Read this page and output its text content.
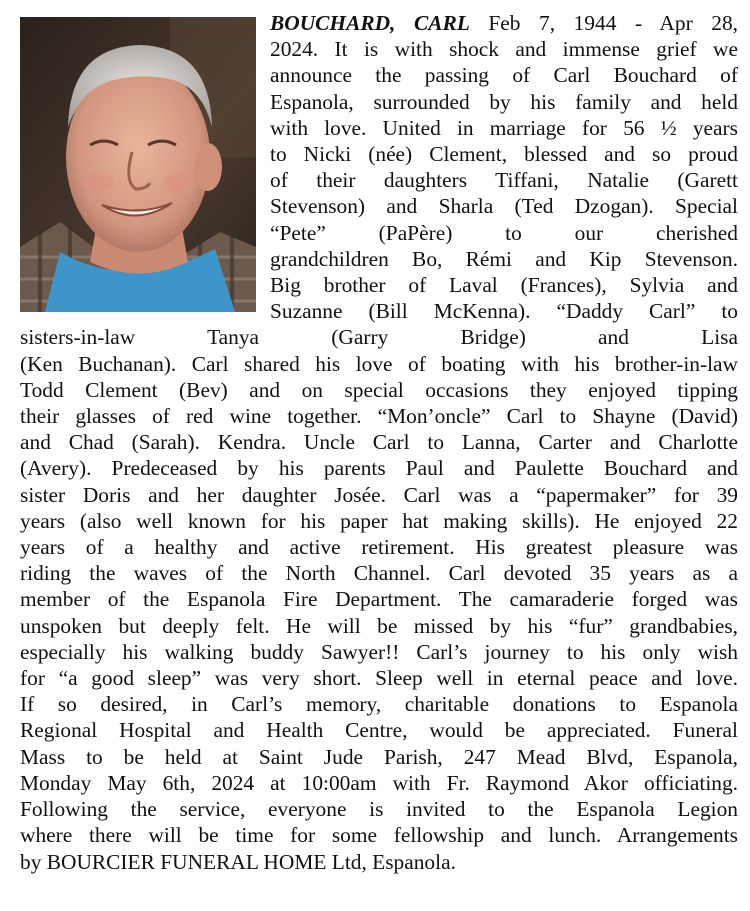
BOUCHARD, CARL Feb 7, 1944 - Apr 28,
2024. It is with shock and immense grief we
announce the passing of Carl Bouchard of
Espanola, surrounded by his family and held
with love. United in marriage for 56 ½ years
to Nicki (née) Clement, blessed and so proud
of their daughters Tiffani, Natalie (Garett
Stevenson) and Sharla (Ted Dzogan). Special
“Pete” (PaPère) to our cherished
grandchildren Bo, Rémi and Kip Stevenson.
Big brother of Laval (Frances), Sylvia and
Suzanne (Bill McKenna). “Daddy Carl” to
sisters-in-law Tanya (Garry Bridge) and Lisa
(Ken Buchanan). Carl shared his love of boating with his brother-in-law
Todd Clement (Bev) and on special occasions they enjoyed tipping
their glasses of red wine together. “Mon’oncle” Carl to Shayne (David)
and Chad (Sarah). Kendra. Uncle Carl to Lanna, Carter and Charlotte
(Avery). Predeceased by his parents Paul and Paulette Bouchard and
sister Doris and her daughter Josée. Carl was a “papermaker” for 39
years (also well known for his paper hat making skills). He enjoyed 22
years of a healthy and active retirement. His greatest pleasure was
riding the waves of the North Channel. Carl devoted 35 years as a
member of the Espanola Fire Department. The camaraderie forged was
unspoken but deeply felt. He will be missed by his “fur” grandbabies,
especially his walking buddy Sawyer!! Carl’s journey to his only wish
for “a good sleep” was very short. Sleep well in eternal peace and love.
If so desired, in Carl’s memory, charitable donations to Espanola
Regional Hospital and Health Centre, would be appreciated. Funeral
Mass to be held at Saint Jude Parish, 247 Mead Blvd, Espanola,
Monday May 6th, 2024 at 10:00am with Fr. Raymond Akor officiating.
Following the service, everyone is invited to the Espanola Legion
where there will be time for some fellowship and lunch. Arrangements
by BOURCIER FUNERAL HOME Ltd, Espanola.
